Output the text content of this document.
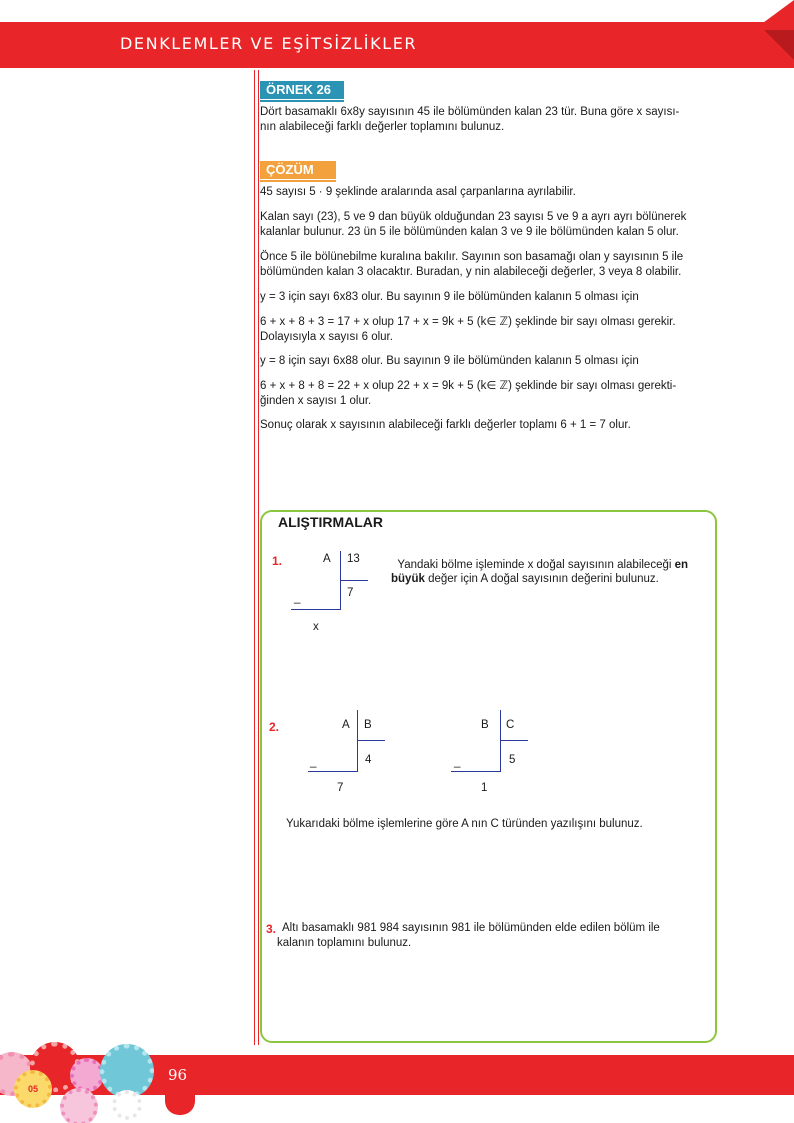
DENKLEMLER VE EŞİTSİZLİKLER
ÖRNEK 26
Dört basamaklı 6x8y sayısının 45 ile bölümünden kalan 23 tür. Buna göre x sayısı-
nın alabileceği farklı değerler toplamını bulunuz.
ÇÖZÜM
45 sayısı 5 · 9 şeklinde aralarında asal çarpanlarına ayrılabilir.
Kalan sayı (23), 5 ve 9 dan büyük olduğundan 23 sayısı 5 ve 9 a ayrı ayrı bölünerek
kalanlar bulunur. 23 ün 5 ile bölümünden kalan 3 ve 9 ile bölümünden kalan 5 olur.
Önce 5 ile bölünebilme kuralına bakılır. Sayının son basamağı olan y sayısının 5 ile
bölümünden kalan 3 olacaktır. Buradan, y nin alabileceği değerler, 3 veya 8 olabilir.
y = 3 için sayı 6x83 olur. Bu sayının 9 ile bölümünden kalanın 5 olması için
6 + x + 8 + 3 = 17 + x olup 17 + x = 9k + 5 (k∈ ℤ) şeklinde bir sayı olması gerekir.
Dolayısıyla x sayısı 6 olur.
y = 8 için sayı 6x88 olur. Bu sayının 9 ile bölümünden kalanın 5 olması için
6 + x + 8 + 8 = 22 + x olup 22 + x = 9k + 5 (k∈ ℤ) şeklinde bir sayı olması gerekti-
ğinden x sayısı 1 olur.
Sonuç olarak x sayısının alabileceği farklı değerler toplamı 6 + 1 = 7 olur.
ALIŞTIRMALAR
1.	A 13
7
_
x
Yandaki bölme işleminde x doğal sayısının alabileceği en büyük değer için A doğal sayısının değerini bulunuz.
2.	A B
4
_
7
B C
5
_
1
Yukarıdaki bölme işlemlerine göre A nın C türünden yazılışını bulunuz.
3. Altı basamaklı 981 984 sayısının 981 ile bölümünden elde edilen bölüm ile
kalanın toplamını bulunuz.
96
05
